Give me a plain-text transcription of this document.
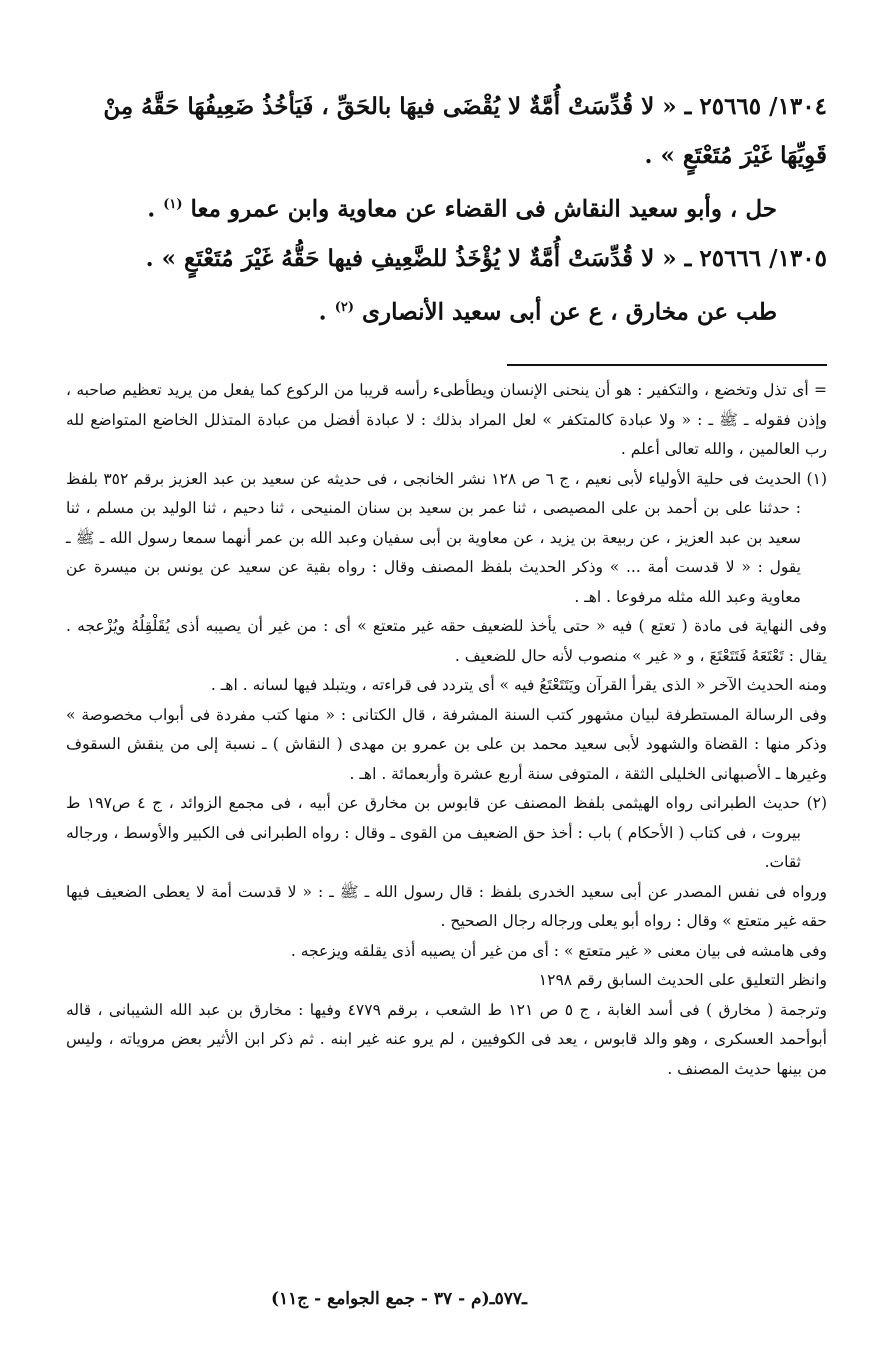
١٣٠٤/ ٢٥٦٦٥ ـ « لا قُدِّسَتْ أُمَّةٌ لا يُقْضَى فيهَا بالحَقِّ ، فَيَأخُذُ ضَعِيفُهَا حَقَّهُ مِنْ

قَوِيِّهَا غَيْرَ مُتَعْتَعٍ » .

حل ، وأبو سعيد النقاش فى القضاء عن معاوية وابن عمرو معا $^{(١)}$ .

١٣٠٥/ ٢٥٦٦٦ ـ « لا قُدِّسَتْ أُمَّةٌ لا يُؤْخَذُ للضَّعِيفِ فيها حَقُّهُ غَيْرَ مُتَعْتَعٍ » .

طب عن مخارق ، ع عن أبى سعيد الأنصارى $^{(٢)}$ .

= أى تذل وتخضع ، والتكفير : هو أن ينحنى الإنسان ويطأطىء رأسه قريبا من الركوع كما يفعل من يريد تعظيم صاحبه ، وإذن فقوله ـ ﷺ ـ : « ولا عبادة كالمتكفر » لعل المراد بذلك : لا عبادة أفضل من عبادة المتذلل الخاضع المتواضع لله رب العالمين ، والله تعالى أعلم .

(١) الحديث فى حلية الأولياء لأبى نعيم ، ج ٦ ص ١٢٨ نشر الخانجى ، فى حديثه عن سعيد بن عبد العزيز برقم ٣٥٢ بلفظ : حدثنا على بن أحمد بن على المصيصى ، ثنا عمر بن سعيد بن سنان المنيحى ، ثنا دحيم ، ثنا الوليد بن مسلم ، ثنا سعيد بن عبد العزيز ، عن ربيعة بن يزيد ، عن معاوية بن أبى سفيان وعبد الله بن عمر أنهما سمعا رسول الله ـ ﷺ ـ يقول : « لا قدست أمة ... » وذكر الحديث بلفظ المصنف وقال : رواه بقية عن سعيد عن يونس بن ميسرة عن معاوية وعبد الله مثله مرفوعا . اهـ .

وفى النهاية فى مادة ( تعتع ) فيه « حتى يأخذ للضعيف حقه غير متعتع » أى : من غير أن يصيبه أذى يُقَلْقِلُهُ ويُزْعجه . يقال : تَعْتَعَهُ فَتَتَعْتَعَ ، و « غير » منصوب لأنه حال للضعيف .

ومنه الحديث الآخر « الذى يقرأ القرآن ويَتَتَعْتَعُ فيه » أى يتردد فى قراءته ، ويتبلد فيها لسانه . اهـ .

وفى الرسالة المستطرفة لبيان مشهور كتب السنة المشرفة ، قال الكتانى : « منها كتب مفردة فى أبواب مخصوصة » وذكر منها : القضاة والشهود لأبى سعيد محمد بن على بن عمرو بن مهدى ( النقاش ) ـ نسبة إلى من ينقش السقوف وغيرها ـ الأصبهانى الخليلى الثقة ، المتوفى سنة أربع عشرة وأربعمائة . اهـ .

(٢) حديث الطبرانى رواه الهيثمى بلفظ المصنف عن قابوس بن مخارق عن أبيه ، فى مجمع الزوائد ، ج ٤ ص١٩٧ ط بيروت ، فى كتاب ( الأحكام ) باب : أخذ حق الضعيف من القوى ـ وقال : رواه الطبرانى فى الكبير والأوسط ، ورجاله ثقات.

ورواه فى نفس المصدر عن أبى سعيد الخدرى بلفظ : قال رسول الله ـ ﷺ ـ : « لا قدست أمة لا يعطى الضعيف فيها حقه غير متعتع » وقال : رواه أبو يعلى ورجاله رجال الصحيح .

وفى هامشه فى بيان معنى « غير متعتع » : أى من غير أن يصيبه أذى يقلقه ويزعجه .

وانظر التعليق على الحديث السابق رقم ١٢٩٨

وترجمة ( مخارق ) فى أسد الغابة ، ج ٥ ص ١٢١ ط الشعب ، برقم ٤٧٧٩ وفيها : مخارق بن عبد الله الشيبانى ، قاله أبوأحمد العسكرى ، وهو والد قابوس ، يعد فى الكوفيين ، لم يرو عنه غير ابنه . ثم ذكر ابن الأثير بعض مروياته ، وليس من بينها حديث المصنف .

ـ٥٧٧ـ
(م - ٣٧ - جمع الجوامع - ج١١)
